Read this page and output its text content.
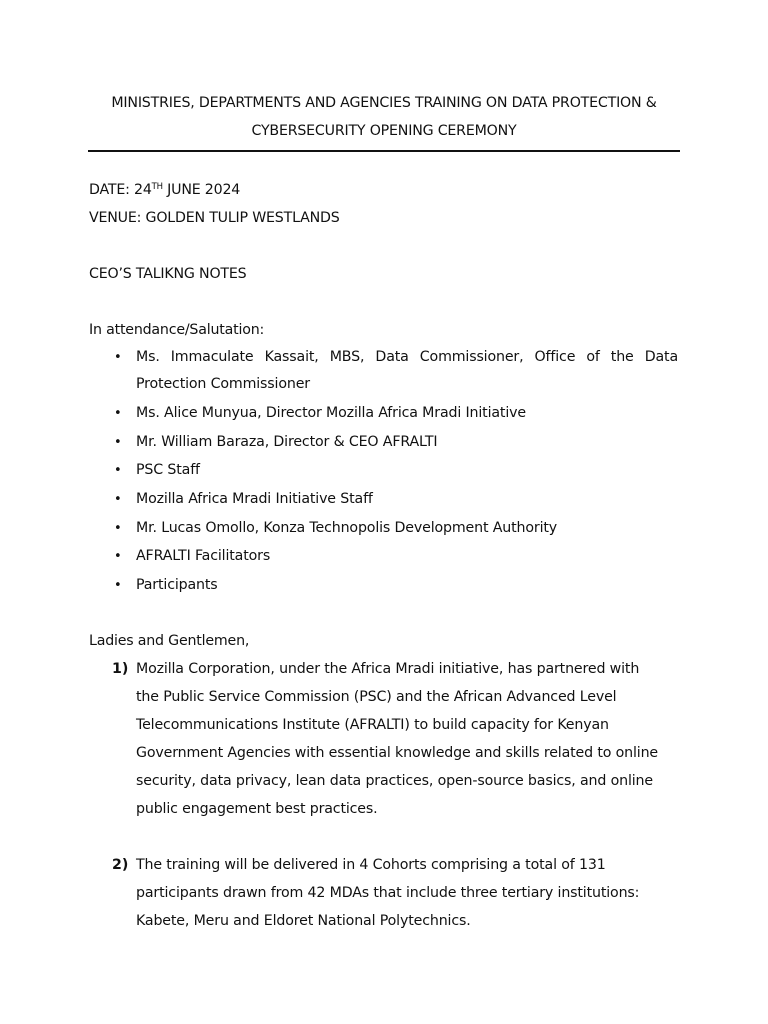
MINISTRIES, DEPARTMENTS AND AGENCIES TRAINING ON DATA PROTECTION &
CYBERSECURITY OPENING CEREMONY
DATE: 24TH JUNE 2024
VENUE: GOLDEN TULIP WESTLANDS
CEO’S TALIKNG NOTES
In attendance/Salutation:
• Ms. Immaculate Kassait, MBS, Data Commissioner, Office of the Data Protection Commissioner
• Ms. Alice Munyua, Director Mozilla Africa Mradi Initiative
• Mr. William Baraza, Director & CEO AFRALTI
• PSC Staff
• Mozilla Africa Mradi Initiative Staff
• Mr. Lucas Omollo, Konza Technopolis Development Authority
• AFRALTI Facilitators
• Participants
Ladies and Gentlemen,
1) Mozilla Corporation, under the Africa Mradi initiative, has partnered with the Public Service Commission (PSC) and the African Advanced Level Telecommunications Institute (AFRALTI) to build capacity for Kenyan Government Agencies with essential knowledge and skills related to online security, data privacy, lean data practices, open-source basics, and online public engagement best practices.
2) The training will be delivered in 4 Cohorts comprising a total of 131 participants drawn from 42 MDAs that include three tertiary institutions: Kabete, Meru and Eldoret National Polytechnics.
